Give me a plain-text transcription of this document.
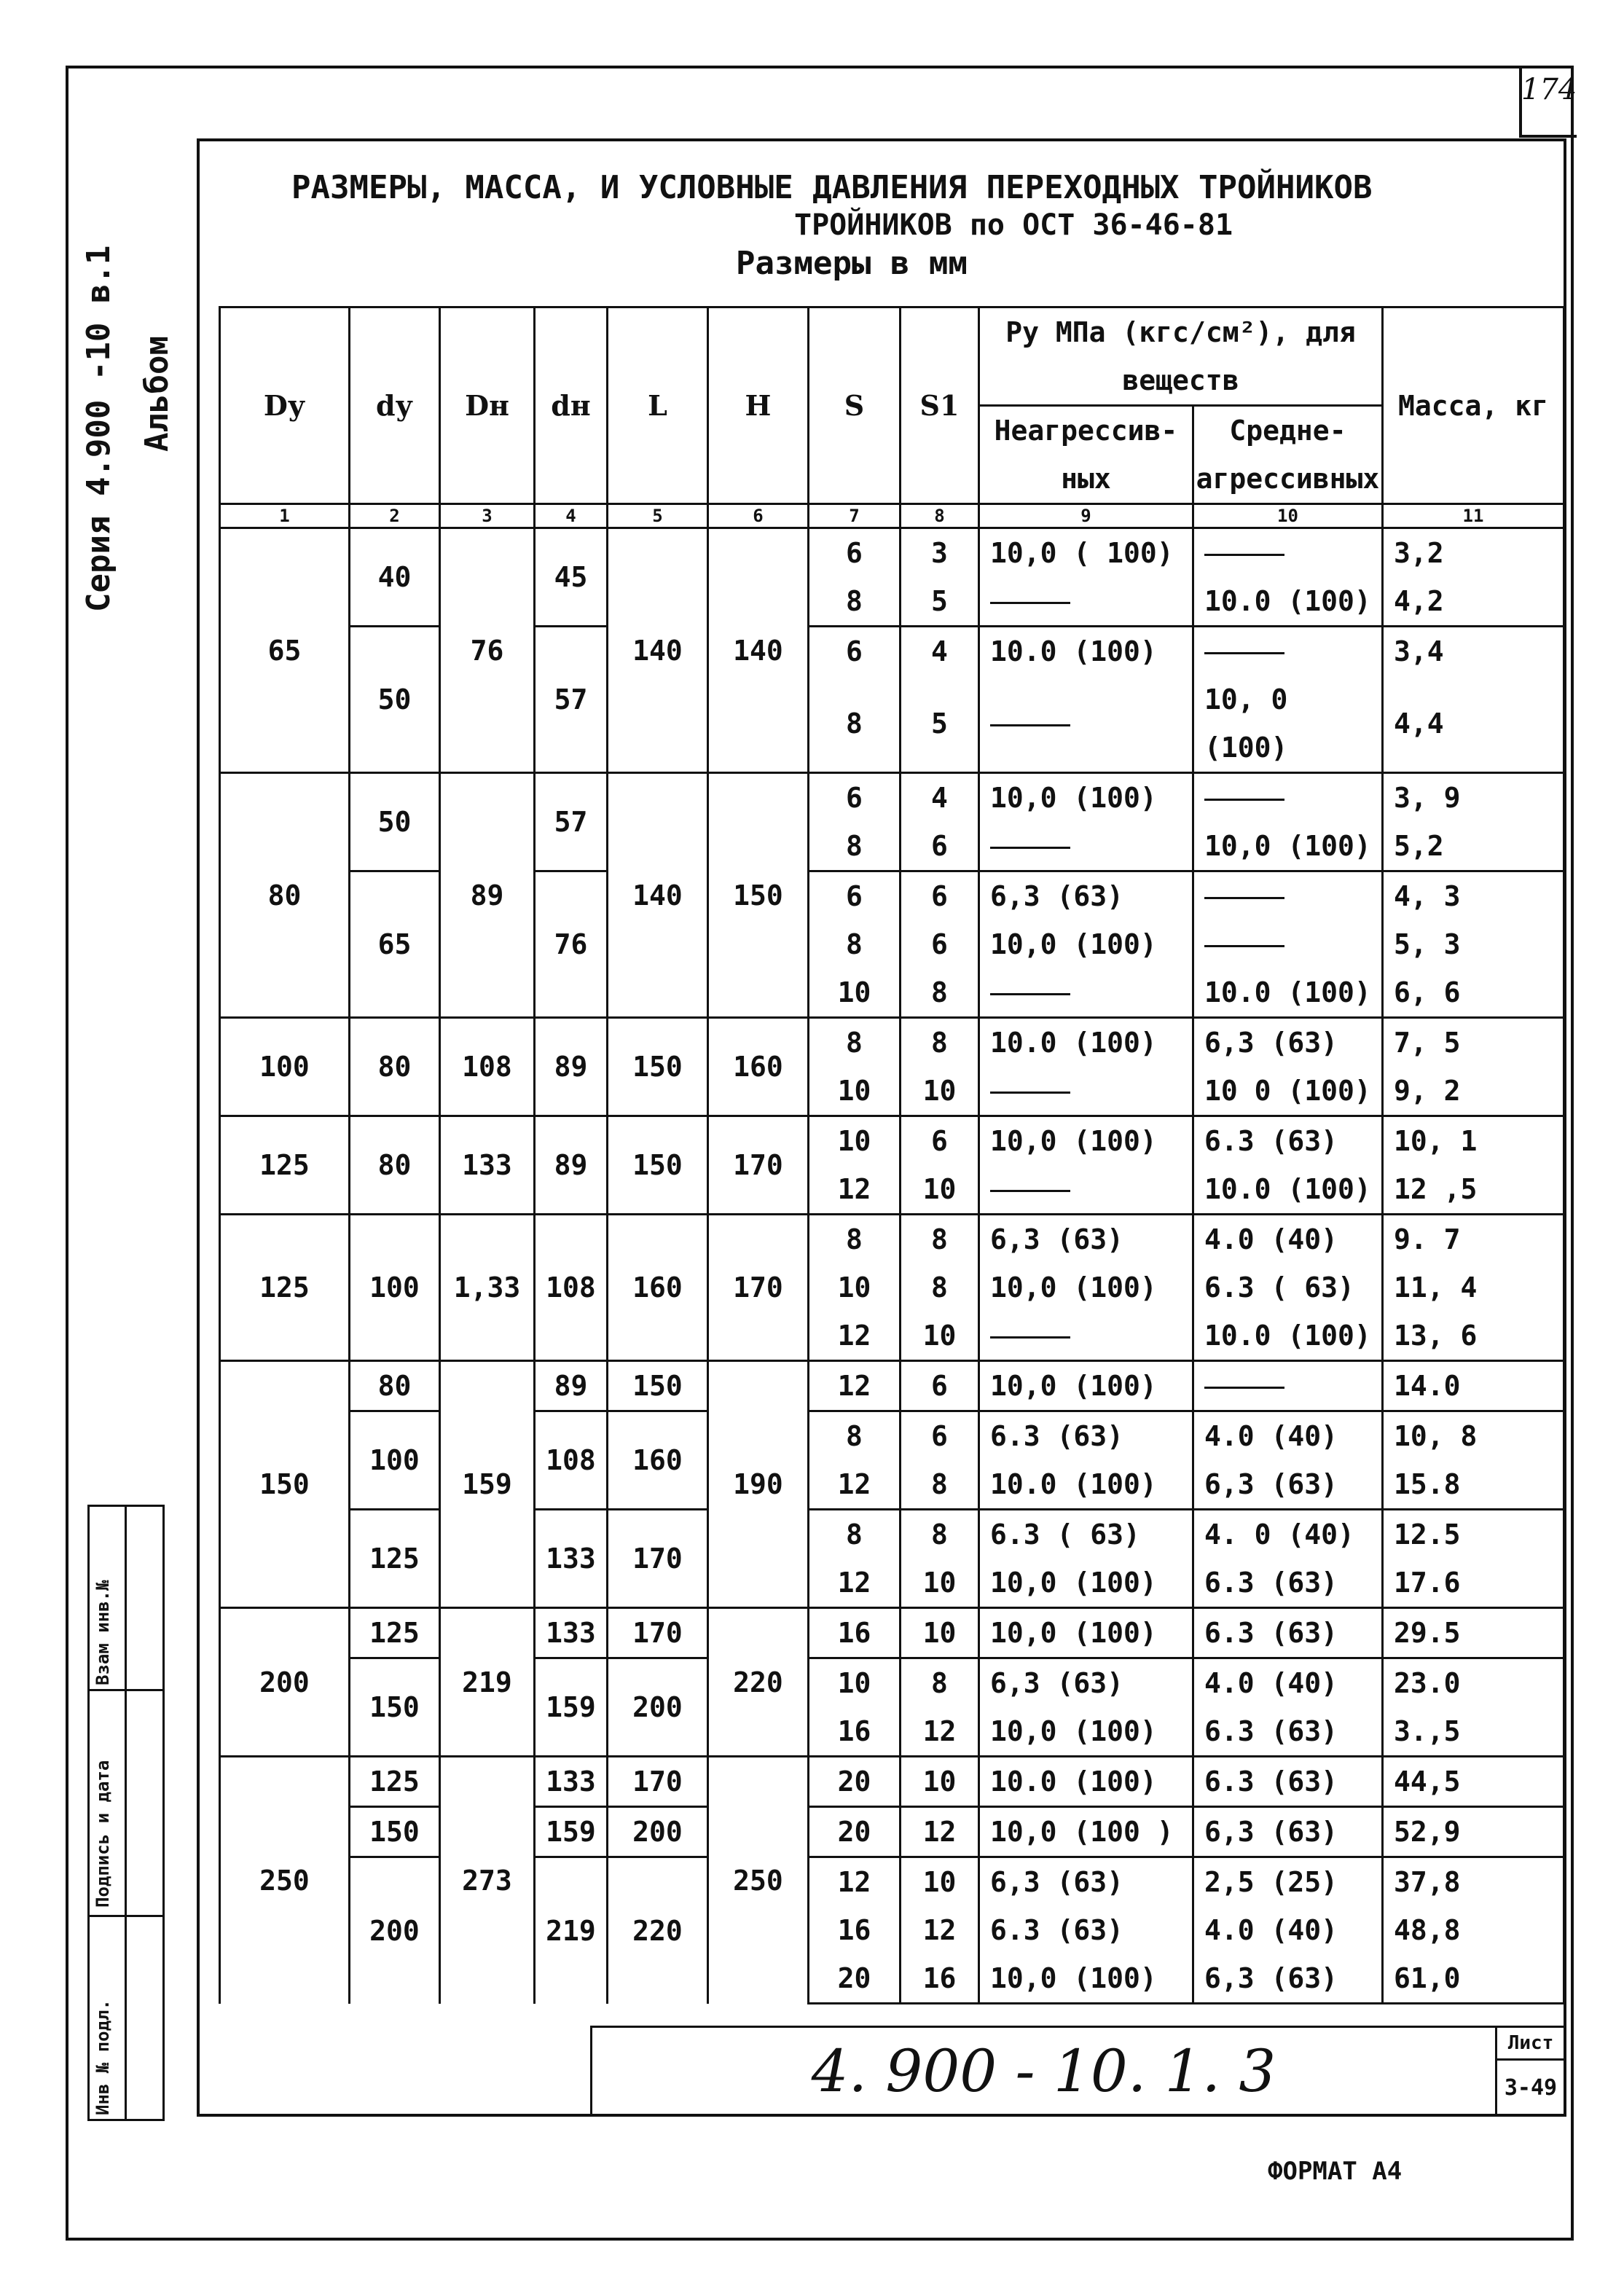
174
Серия 4.900 -10 в.1 Альбом
РАЗМЕРЫ, МАССА, И УСЛОВНЫЕ ДАВЛЕНИЯ ПЕРЕХОДНЫХ ТРОЙНИКОВ
ТРОЙНИКОВ по ОСТ 36-46-81
Размеры в мм
Dу	dу	Dн	dн	L	H	S	S1	Ру МПа (кгс/см²), для веществ		Масса, кг
								Неагрессив-ных	Средне-агрессивных	
1	2	3	4	5	6	7	8	9	10	11
65	40	76	45	140	140	6	3	10,0 ( 100)		3,2
						8	5		10.0 (100)	4,2
	50		57			6	4	10.0 (100)		3,4
						8	5		10, 0 (100)	4,4
80	50	89	57	140	150	6	4	10,0 (100)		3, 9
						8	6		10,0 (100)	5,2
	65		76			6	6	6,3 (63)		4, 3
						8	6	10,0 (100)		5, 3
						10	8		10.0 (100)	6, 6
100	80	108	89	150	160	8	8	10.0 (100)	6,3 (63)	7, 5
						10	10		10 0 (100)	9, 2
125	80	133	89	150	170	10	6	10,0 (100)	6.3 (63)	10, 1
						12	10		10.0 (100)	12 ,5
125	100	1,33	108	160	170	8	8	6,3 (63)	4.0 (40)	9. 7
						10	8	10,0 (100)	6.3 ( 63)	11, 4
						12	10		10.0 (100)	13, 6
150	80	159	89	150	190	12	6	10,0 (100)		14.0
	100		108	160		8	6	6.3 (63)	4.0 (40)	10, 8
						12	8	10.0 (100)	6,3 (63)	15.8
	125		133	170		8	8	6.3 ( 63)	4. 0 (40)	12.5
						12	10	10,0 (100)	6.3 (63)	17.6
200	125	219	133	170	220	16	10	10,0 (100)	6.3 (63)	29.5
	150		159	200		10	8	6,3 (63)	4.0 (40)	23.0
						16	12	10,0 (100)	6.3 (63)	3.,5
250	125	273	133	170	250	20	10	10.0 (100)	6.3 (63)	44,5
	150		159	200		20	12	10,0 (100 )	6,3 (63)	52,9
	200		219	220		12	10	6,3 (63)	2,5 (25)	37,8
						16	12	6.3 (63)	4.0 (40)	48,8
						20	16	10,0 (100)	6,3 (63)	61,0
Инв № подл.
Подпись и дата
Взам инв.№
4. 900 - 10. 1. 3	Лист
3-49
ФОРМАТ А4
